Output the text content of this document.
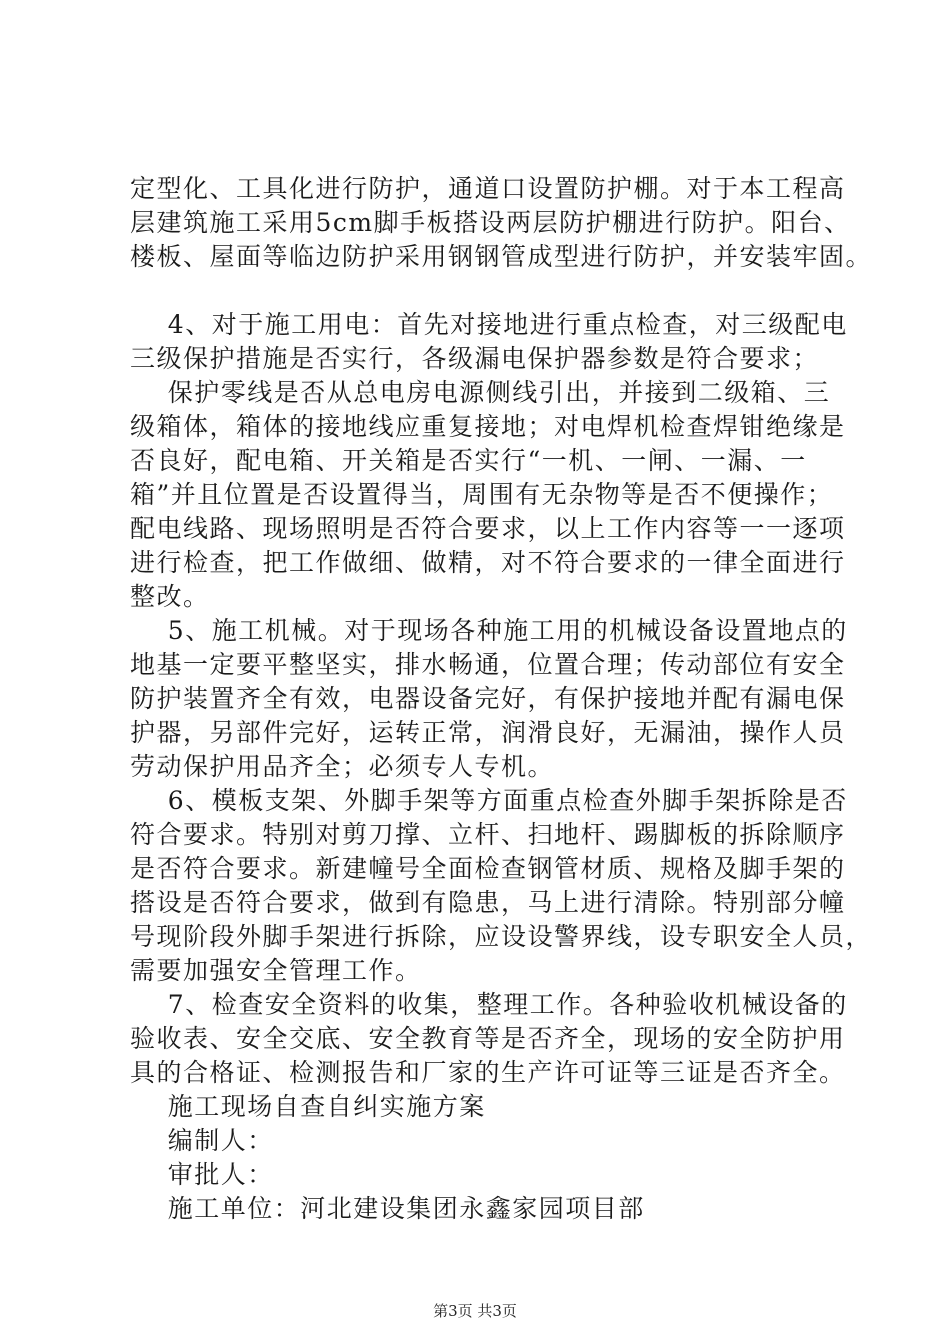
定型化、工具化进行防护，通道口设置防护棚。对于本工程高
层建筑施工采用5cm脚手板搭设两层防护棚进行防护。阳台、
楼板、屋面等临边防护采用钢钢管成型进行防护，并安装牢固。
4、对于施工用电：首先对接地进行重点检查，对三级配电
三级保护措施是否实行，各级漏电保护器参数是符合要求；
保护零线是否从总电房电源侧线引出，并接到二级箱、三
级箱体，箱体的接地线应重复接地；对电焊机检查焊钳绝缘是
否良好，配电箱、开关箱是否实行“一机、一闸、一漏、一
箱”并且位置是否设置得当，周围有无杂物等是否不便操作；
配电线路、现场照明是否符合要求，以上工作内容等一一逐项
进行检查，把工作做细、做精，对不符合要求的一律全面进行
整改。
5、施工机械。对于现场各种施工用的机械设备设置地点的
地基一定要平整坚实，排水畅通，位置合理；传动部位有安全
防护装置齐全有效，电器设备完好，有保护接地并配有漏电保
护器，另部件完好，运转正常，润滑良好，无漏油，操作人员
劳动保护用品齐全；必须专人专机。
6、模板支架、外脚手架等方面重点检查外脚手架拆除是否
符合要求。特别对剪刀撑、立杆、扫地杆、踢脚板的拆除顺序
是否符合要求。新建幢号全面检查钢管材质、规格及脚手架的
搭设是否符合要求，做到有隐患，马上进行清除。特别部分幢
号现阶段外脚手架进行拆除，应设设警界线，设专职安全人员，
需要加强安全管理工作。
7、检查安全资料的收集，整理工作。各种验收机械设备的
验收表、安全交底、安全教育等是否齐全，现场的安全防护用
具的合格证、检测报告和厂家的生产许可证等三证是否齐全。
施工现场自查自纠实施方案
编制人：
审批人：
施工单位：河北建设集团永鑫家园项目部
第3页 共3页
